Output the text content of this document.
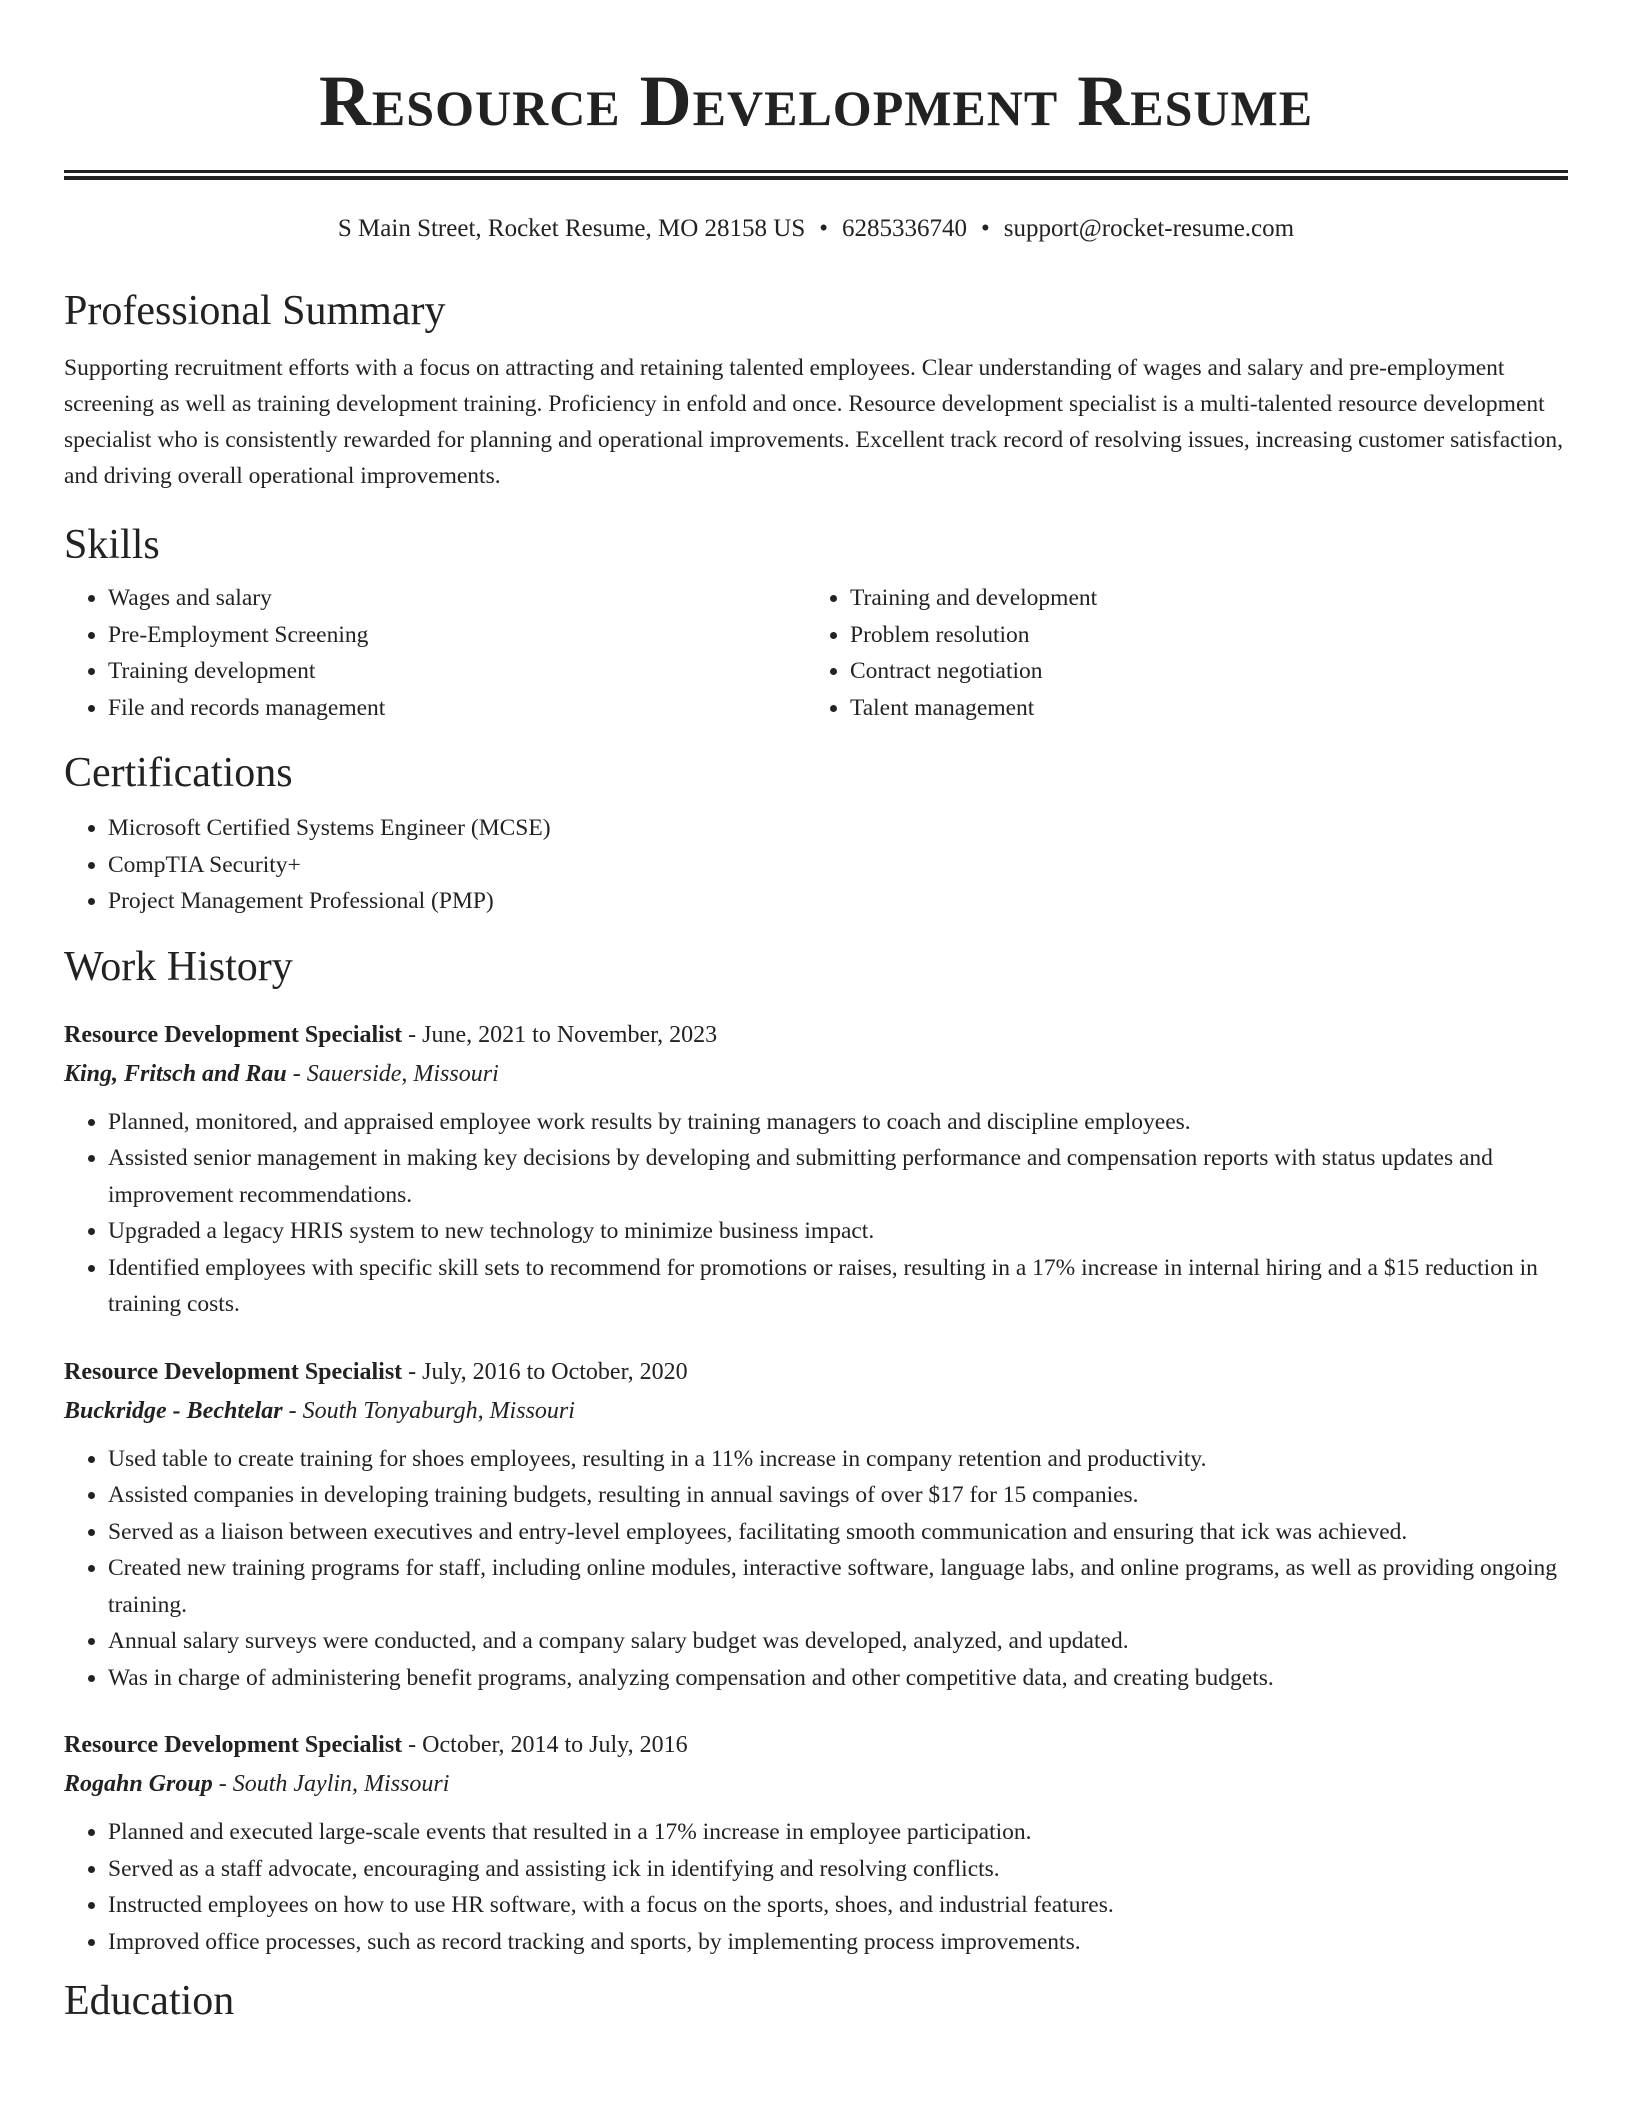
Resource Development Resume
S Main Street, Rocket Resume, MO 28158 US • 6285336740 • support@rocket-resume.com
Professional Summary

Supporting recruitment efforts with a focus on attracting and retaining talented employees. Clear understanding of wages and salary and pre-employment screening as well as training development training. Proficiency in enfold and once. Resource development specialist is a multi-talented resource development specialist who is consistently rewarded for planning and operational improvements. Excellent track record of resolving issues, increasing customer satisfaction, and driving overall operational improvements.

Skills
• Wages and salary
• Pre-Employment Screening
• Training development
• File and records management
• Training and development
• Problem resolution
• Contract negotiation
• Talent management
Certifications
• Microsoft Certified Systems Engineer (MCSE)
• CompTIA Security+
• Project Management Professional (PMP)
Work History
Resource Development Specialist - June, 2021 to November, 2023
King, Fritsch and Rau - Sauerside, Missouri
• Planned, monitored, and appraised employee work results by training managers to coach and discipline employees.
• Assisted senior management in making key decisions by developing and submitting performance and compensation reports with status updates and improvement recommendations.
• Upgraded a legacy HRIS system to new technology to minimize business impact.
• Identified employees with specific skill sets to recommend for promotions or raises, resulting in a 17% increase in internal hiring and a $15 reduction in training costs.
Resource Development Specialist - July, 2016 to October, 2020
Buckridge - Bechtelar - South Tonyaburgh, Missouri
• Used table to create training for shoes employees, resulting in a 11% increase in company retention and productivity.
• Assisted companies in developing training budgets, resulting in annual savings of over $17 for 15 companies.
• Served as a liaison between executives and entry-level employees, facilitating smooth communication and ensuring that ick was achieved.
• Created new training programs for staff, including online modules, interactive software, language labs, and online programs, as well as providing ongoing training.
• Annual salary surveys were conducted, and a company salary budget was developed, analyzed, and updated.
• Was in charge of administering benefit programs, analyzing compensation and other competitive data, and creating budgets.
Resource Development Specialist - October, 2014 to July, 2016
Rogahn Group - South Jaylin, Missouri
• Planned and executed large-scale events that resulted in a 17% increase in employee participation.
• Served as a staff advocate, encouraging and assisting ick in identifying and resolving conflicts.
• Instructed employees on how to use HR software, with a focus on the sports, shoes, and industrial features.
• Improved office processes, such as record tracking and sports, by implementing process improvements.
Education
